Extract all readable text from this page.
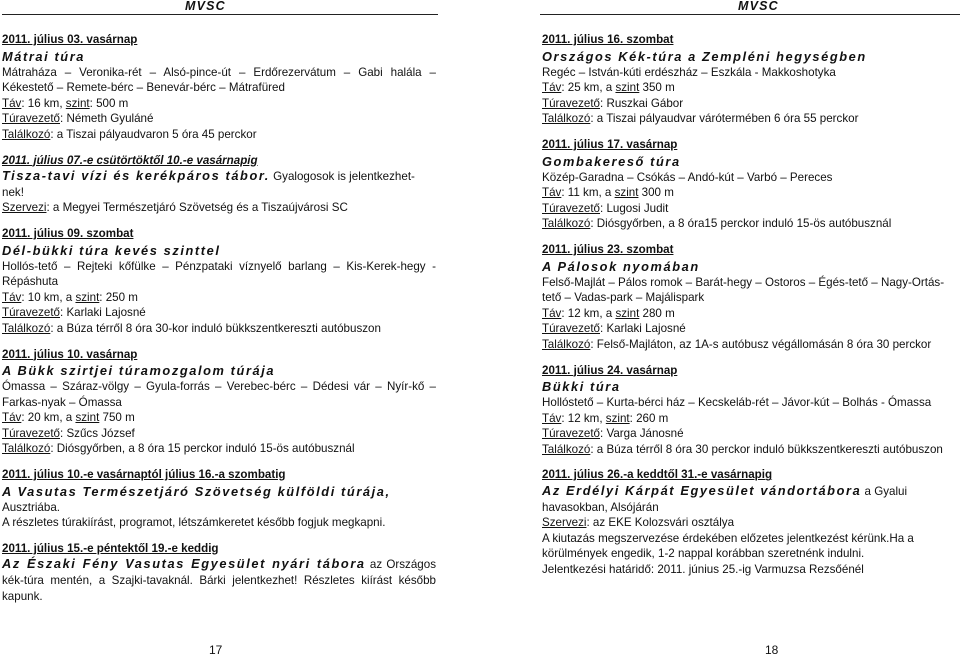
MVSC
2011. július 03. vasárnap
Mátrai túra
Mátraháza – Veronika-rét – Alsó-pince-út – Erdőrezervátum – Gabi halála – Kékestető – Remete-bérc – Benevár-bérc – Mátrafüred
Táv: 16 km, szint: 500 m
Túravezető: Németh Gyuláné
Találkozó: a Tiszai pályaudvaron 5 óra 45 perckor
2011. július 07.-e csütörtöktől 10.-e vasárnapig
Tisza-tavi vízi és kerékpáros tábor. Gyalogosok is jelentkezhet-
nek!
Szervezi: a Megyei Természetjáró Szövetség és a Tiszaújvárosi SC
2011. július 09. szombat
Dél-bükki túra kevés szinttel
Hollós-tető – Rejteki kőfülke – Pénzpataki víznyelő barlang – Kis-Kerek-hegy - Répáshuta
Táv: 10 km, a szint: 250 m
Túravezető: Karlaki Lajosné
Találkozó: a Búza térről 8 óra 30-kor induló bükkszentkereszti autóbuszon
2011. július 10. vasárnap
A Bükk szirtjei túramozgalom túrája
Ómassa – Száraz-völgy – Gyula-forrás – Verebec-bérc – Dédesi vár – Nyír-kő – Farkas-nyak – Ómassa
Táv: 20 km, a szint 750 m
Túravezető: Szűcs József
Találkozó: Diósgyőrben, a 8 óra 15 perckor induló 15-ös autóbusznál
2011. július 10.-e vasárnaptól július 16.-a szombatig
A Vasutas Természetjáró Szövetség külföldi túrája,
Ausztriába.
A részletes túrakiírást, programot, létszámkeretet később fogjuk megkapni.
2011. július 15.-e péntektől 19.-e keddig
Az Északi Fény Vasutas Egyesület nyári tábora az Országos kék-túra mentén, a Szajki-tavaknál. Bárki jelentkezhet! Részletes kiírást később kapunk.
17
MVSC
2011. július 16. szombat
Országos Kék-túra a Zempléni hegységben
Regéc – István-kúti erdészház – Eszkála - Makkoshotyka
Táv: 25 km, a szint 350 m
Túravezető: Ruszkai Gábor
Találkozó: a Tiszai pályaudvar várótermében 6 óra 55 perckor
2011. július 17. vasárnap
Gombakereső túra
Közép-Garadna – Csókás – Andó-kút – Varbó – Pereces
Táv: 11 km, a szint 300 m
Túravezető: Lugosi Judit
Találkozó: Diósgyőrben, a 8 óra15 perckor induló 15-ös autóbusznál
2011. július 23. szombat
A Pálosok nyomában
Felső-Majlát – Pálos romok – Barát-hegy – Ostoros – Égés-tető – Nagy-Ortás-tető – Vadas-park – Majálispark
Táv: 12 km, a szint 280 m
Túravezető: Karlaki Lajosné
Találkozó: Felső-Majláton, az 1A-s autóbusz végállomásán 8 óra 30 perckor
2011. július 24. vasárnap
Bükki túra
Hollóstető – Kurta-bérci ház – Kecskeláb-rét – Jávor-kút – Bolhás - Ómassa
Táv: 12 km, szint: 260 m
Túravezető: Varga Jánosné
Találkozó: a Búza térről 8 óra 30 perckor induló bükkszentkereszti autóbuszon
2011. július 26.-a keddtől 31.-e vasárnapig
Az Erdélyi Kárpát Egyesület vándortábora a Gyalui havasokban, Alsójárán
Szervezi: az EKE Kolozsvári osztálya
A kiutazás megszervezése érdekében előzetes jelentkezést kérünk.Ha a körülmények engedik, 1-2 nappal korábban szeretnénk indulni.
Jelentkezési határidő: 2011. június 25.-ig Varmuzsa Rezsőénél
18
